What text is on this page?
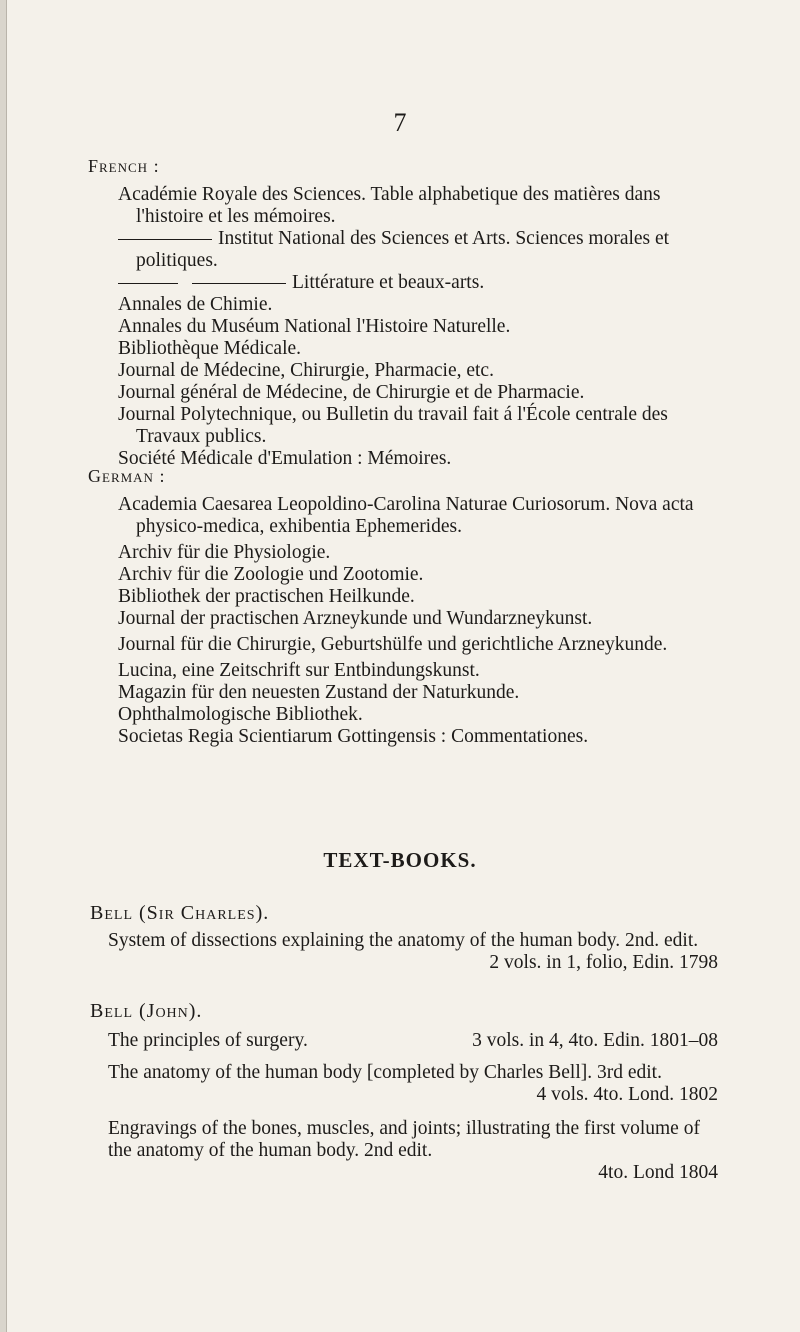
7
French :

Académie Royale des Sciences. Table alphabetique des matières dans l'histoire et les mémoires.

Institut National des Sciences et Arts. Sciences morales et politiques.

Littérature et beaux-arts.

Annales de Chimie.

Annales du Muséum National l'Histoire Naturelle.

Bibliothèque Médicale.

Journal de Médecine, Chirurgie, Pharmacie, etc.

Journal général de Médecine, de Chirurgie et de Pharmacie.

Journal Polytechnique, ou Bulletin du travail fait á l'École centrale des Travaux publics.

Société Médicale d'Emulation : Mémoires.

German :

Academia Caesarea Leopoldino-Carolina Naturae Curiosorum. Nova acta physico-medica, exhibentia Ephemerides.

Archiv für die Physiologie.

Archiv für die Zoologie und Zootomie.

Bibliothek der practischen Heilkunde.

Journal der practischen Arzneykunde und Wundarzneykunst.

Journal für die Chirurgie, Geburtshülfe und gerichtliche Arzneykunde.

Lucina, eine Zeitschrift sur Entbindungskunst.

Magazin für den neuesten Zustand der Naturkunde.

Ophthalmologische Bibliothek.

Societas Regia Scientiarum Gottingensis : Commentationes.

TEXT-BOOKS.
Bell (Sir Charles).
System of dissections explaining the anatomy of the human body. 2nd. edit.
2 vols. in 1, folio, Edin. 1798
Bell (John).
The principles of surgery.	3 vols. in 4, 4to. Edin. 1801–08
The anatomy of the human body [completed by Charles Bell]. 3rd edit.
4 vols. 4to. Lond. 1802
Engravings of the bones, muscles, and joints; illustrating the first volume of the anatomy of the human body. 2nd edit.
4to. Lond 1804
